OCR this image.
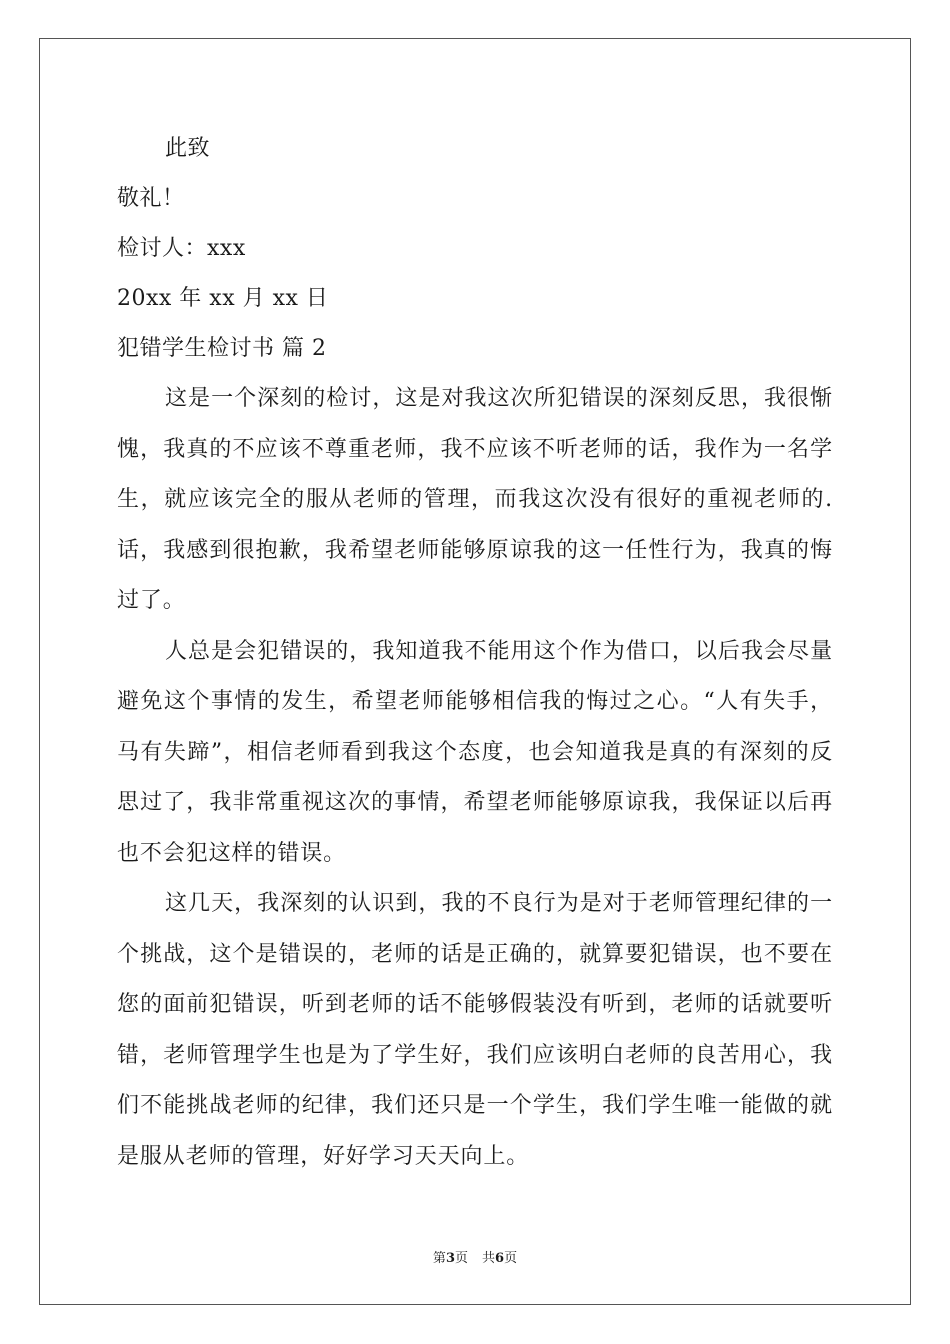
此致
敬礼！
检讨人：xxx
20xx 年 xx 月 xx 日
犯错学生检讨书 篇 2

这是一个深刻的检讨，这是对我这次所犯错误的深刻反思，我很惭愧，我真的不应该不尊重老师，我不应该不听老师的话，我作为一名学生，就应该完全的服从老师的管理，而我这次没有很好的重视老师的.话，我感到很抱歉，我希望老师能够原谅我的这一任性行为，我真的悔过了。

人总是会犯错误的，我知道我不能用这个作为借口，以后我会尽量避免这个事情的发生，希望老师能够相信我的悔过之心。“人有失手，马有失蹄”，相信老师看到我这个态度，也会知道我是真的有深刻的反思过了，我非常重视这次的事情，希望老师能够原谅我，我保证以后再也不会犯这样的错误。

这几天，我深刻的认识到，我的不良行为是对于老师管理纪律的一个挑战，这个是错误的，老师的话是正确的，就算要犯错误，也不要在您的面前犯错误，听到老师的话不能够假装没有听到，老师的话就要听错，老师管理学生也是为了学生好，我们应该明白老师的良苦用心，我们不能挑战老师的纪律，我们还只是一个学生，我们学生唯一能做的就是服从老师的管理，好好学习天天向上。

第3页 共6页
